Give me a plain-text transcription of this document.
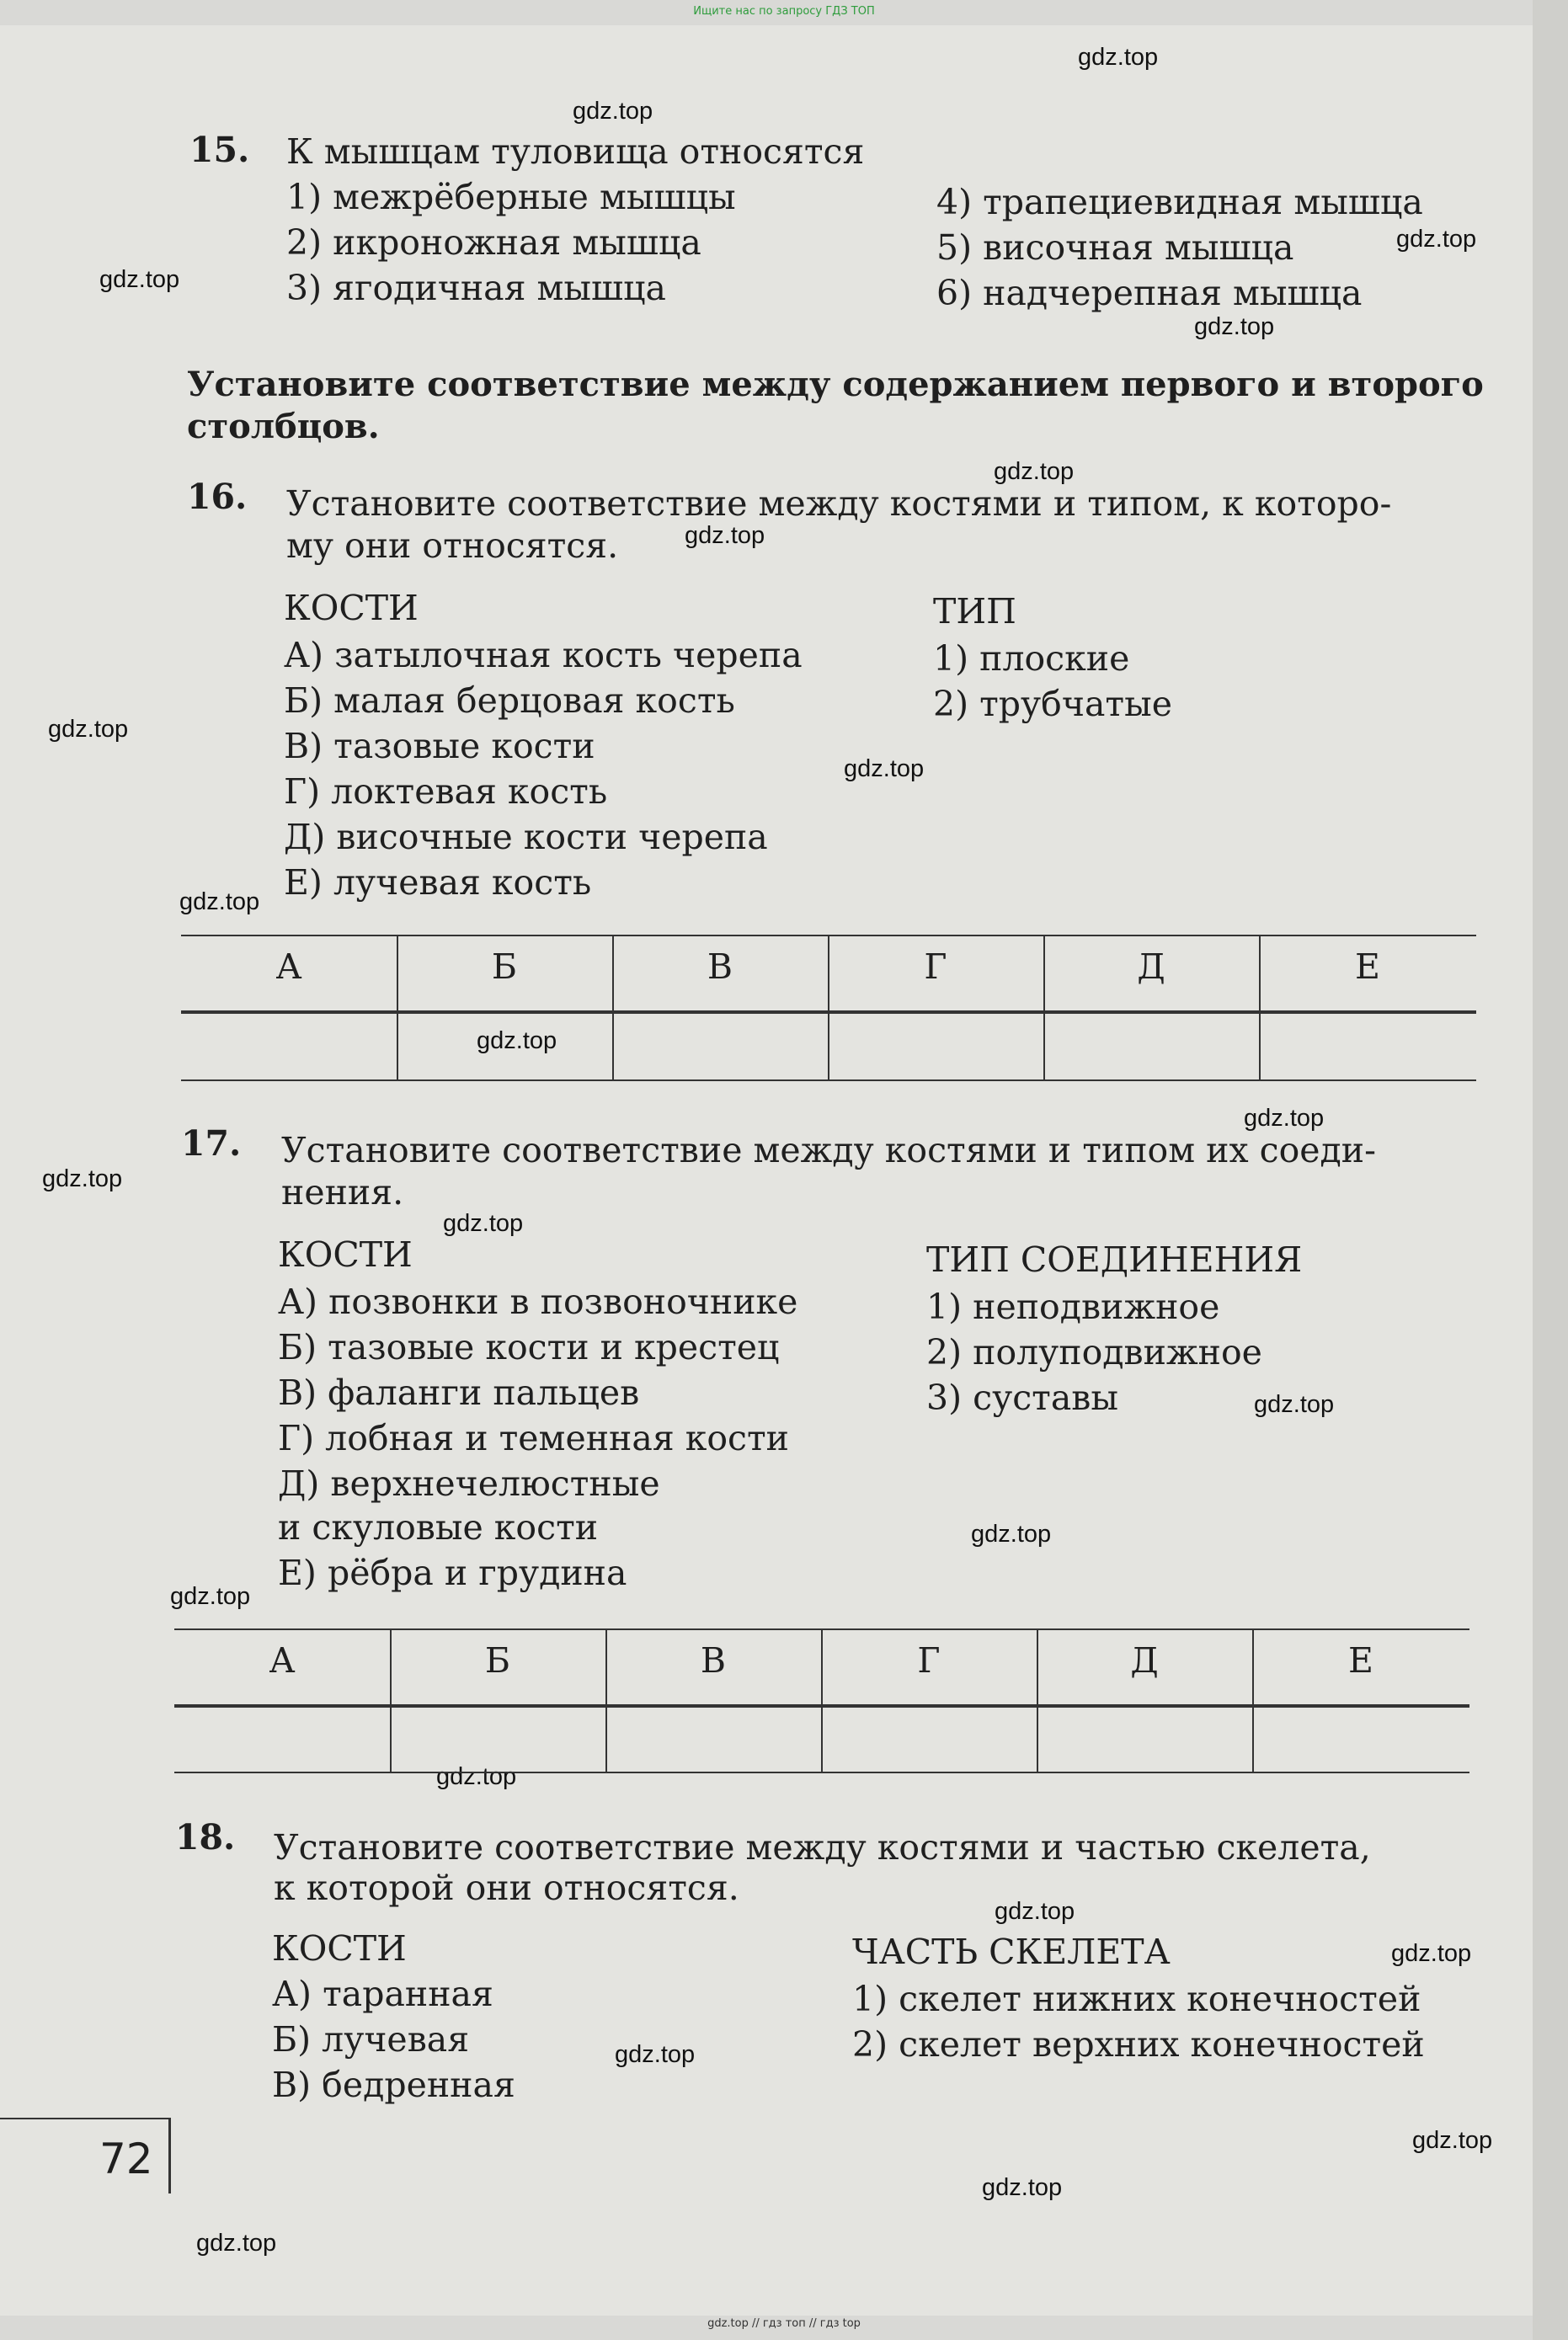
Ищите нас по запросу ГДЗ ТОП
gdz.top
gdz.top
gdz.top
gdz.top
gdz.top
gdz.top
gdz.top
gdz.top
gdz.top
gdz.top
gdz.top
gdz.top
gdz.top
gdz.top
gdz.top
gdz.top
gdz.top
gdz.top
gdz.top
gdz.top
gdz.top
gdz.top
gdz.top
gdz.top
15. К мышцам туловища относятся
1) межрёберные мышцы
2) икроножная мышца
3) ягодичная мышца
4) трапециевидная мышца
5) височная мышца
6) надчерепная мышца
Установите соответствие между содержанием первого и второго столбцов.
16. Установите соответствие между костями и типом, к которо-
му они относятся.
КОСТИ
А) затылочная кость черепа
Б) малая берцовая кость
В) тазовые кости
Г) локтевая кость
Д) височные кости черепа
Е) лучевая кость
ТИП
1) плоские
2) трубчатые
А	Б	В	Г	Д	Е
17. Установите соответствие между костями и типом их соеди-
нения.
КОСТИ
А) позвонки в позвоночнике
Б) тазовые кости и крестец
В) фаланги пальцев
Г) лобная и теменная кости
Д) верхнечелюстные
и скуловые кости
Е) рёбра и грудина
ТИП СОЕДИНЕНИЯ
1) неподвижное
2) полуподвижное
3) суставы
А	Б	В	Г	Д	Е
18. Установите соответствие между костями и частью скелета,
к которой они относятся.
КОСТИ
А) таранная
Б) лучевая
В) бедренная
ЧАСТЬ СКЕЛЕТА
1) скелет нижних конечностей
2) скелет верхних конечностей
72
gdz.top // гдз топ // гдз top
